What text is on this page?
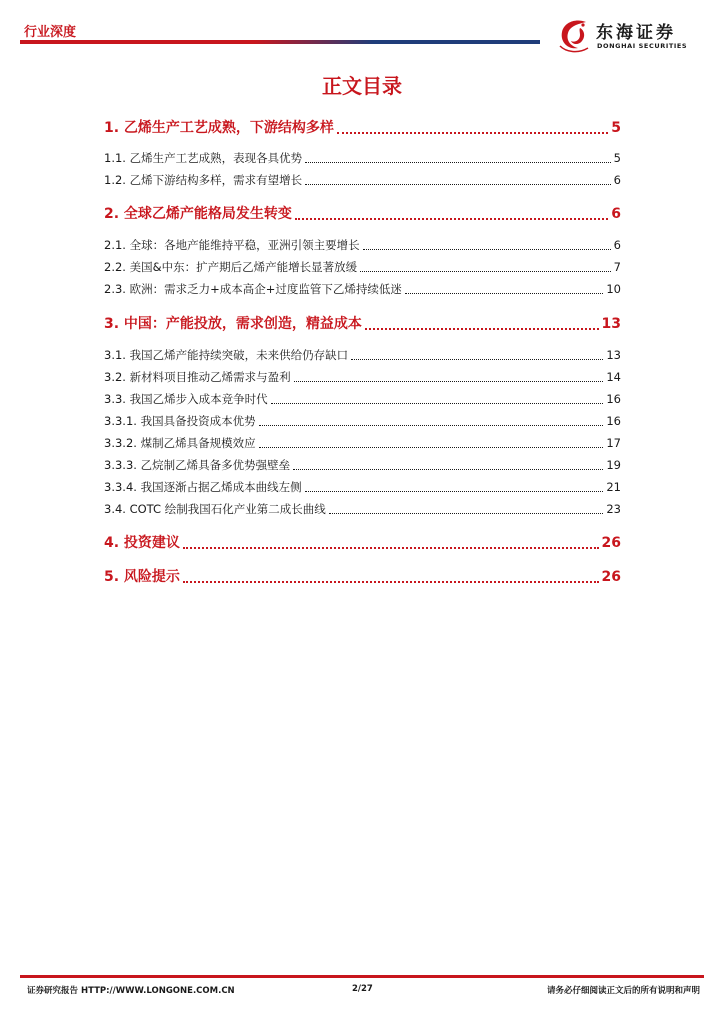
行业深度	东海证券
DONGHAI SECURITIES
正文目录
1. 乙烯生产工艺成熟，下游结构多样	5
1.1. 乙烯生产工艺成熟，表现各具优势	5
1.2. 乙烯下游结构多样，需求有望增长	6
2. 全球乙烯产能格局发生转变	6
2.1. 全球：各地产能维持平稳，亚洲引领主要增长	6
2.2. 美国&中东：扩产期后乙烯产能增长显著放缓	7
2.3. 欧洲：需求乏力+成本高企+过度监管下乙烯持续低迷	10
3. 中国：产能投放，需求创造，精益成本	13
3.1. 我国乙烯产能持续突破，未来供给仍存缺口	13
3.2. 新材料项目推动乙烯需求与盈利	14
3.3. 我国乙烯步入成本竞争时代	16
3.3.1. 我国具备投资成本优势	16
3.3.2. 煤制乙烯具备规模效应	17
3.3.3. 乙烷制乙烯具备多优势强壁垒	19
3.3.4. 我国逐渐占据乙烯成本曲线左侧	21
3.4. COTC 绘制我国石化产业第二成长曲线	23
4. 投资建议	26
5. 风险提示	26
证券研究报告 HTTP://WWW.LONGONE.COM.CN	2/27	请务必仔细阅读正文后的所有说明和声明
